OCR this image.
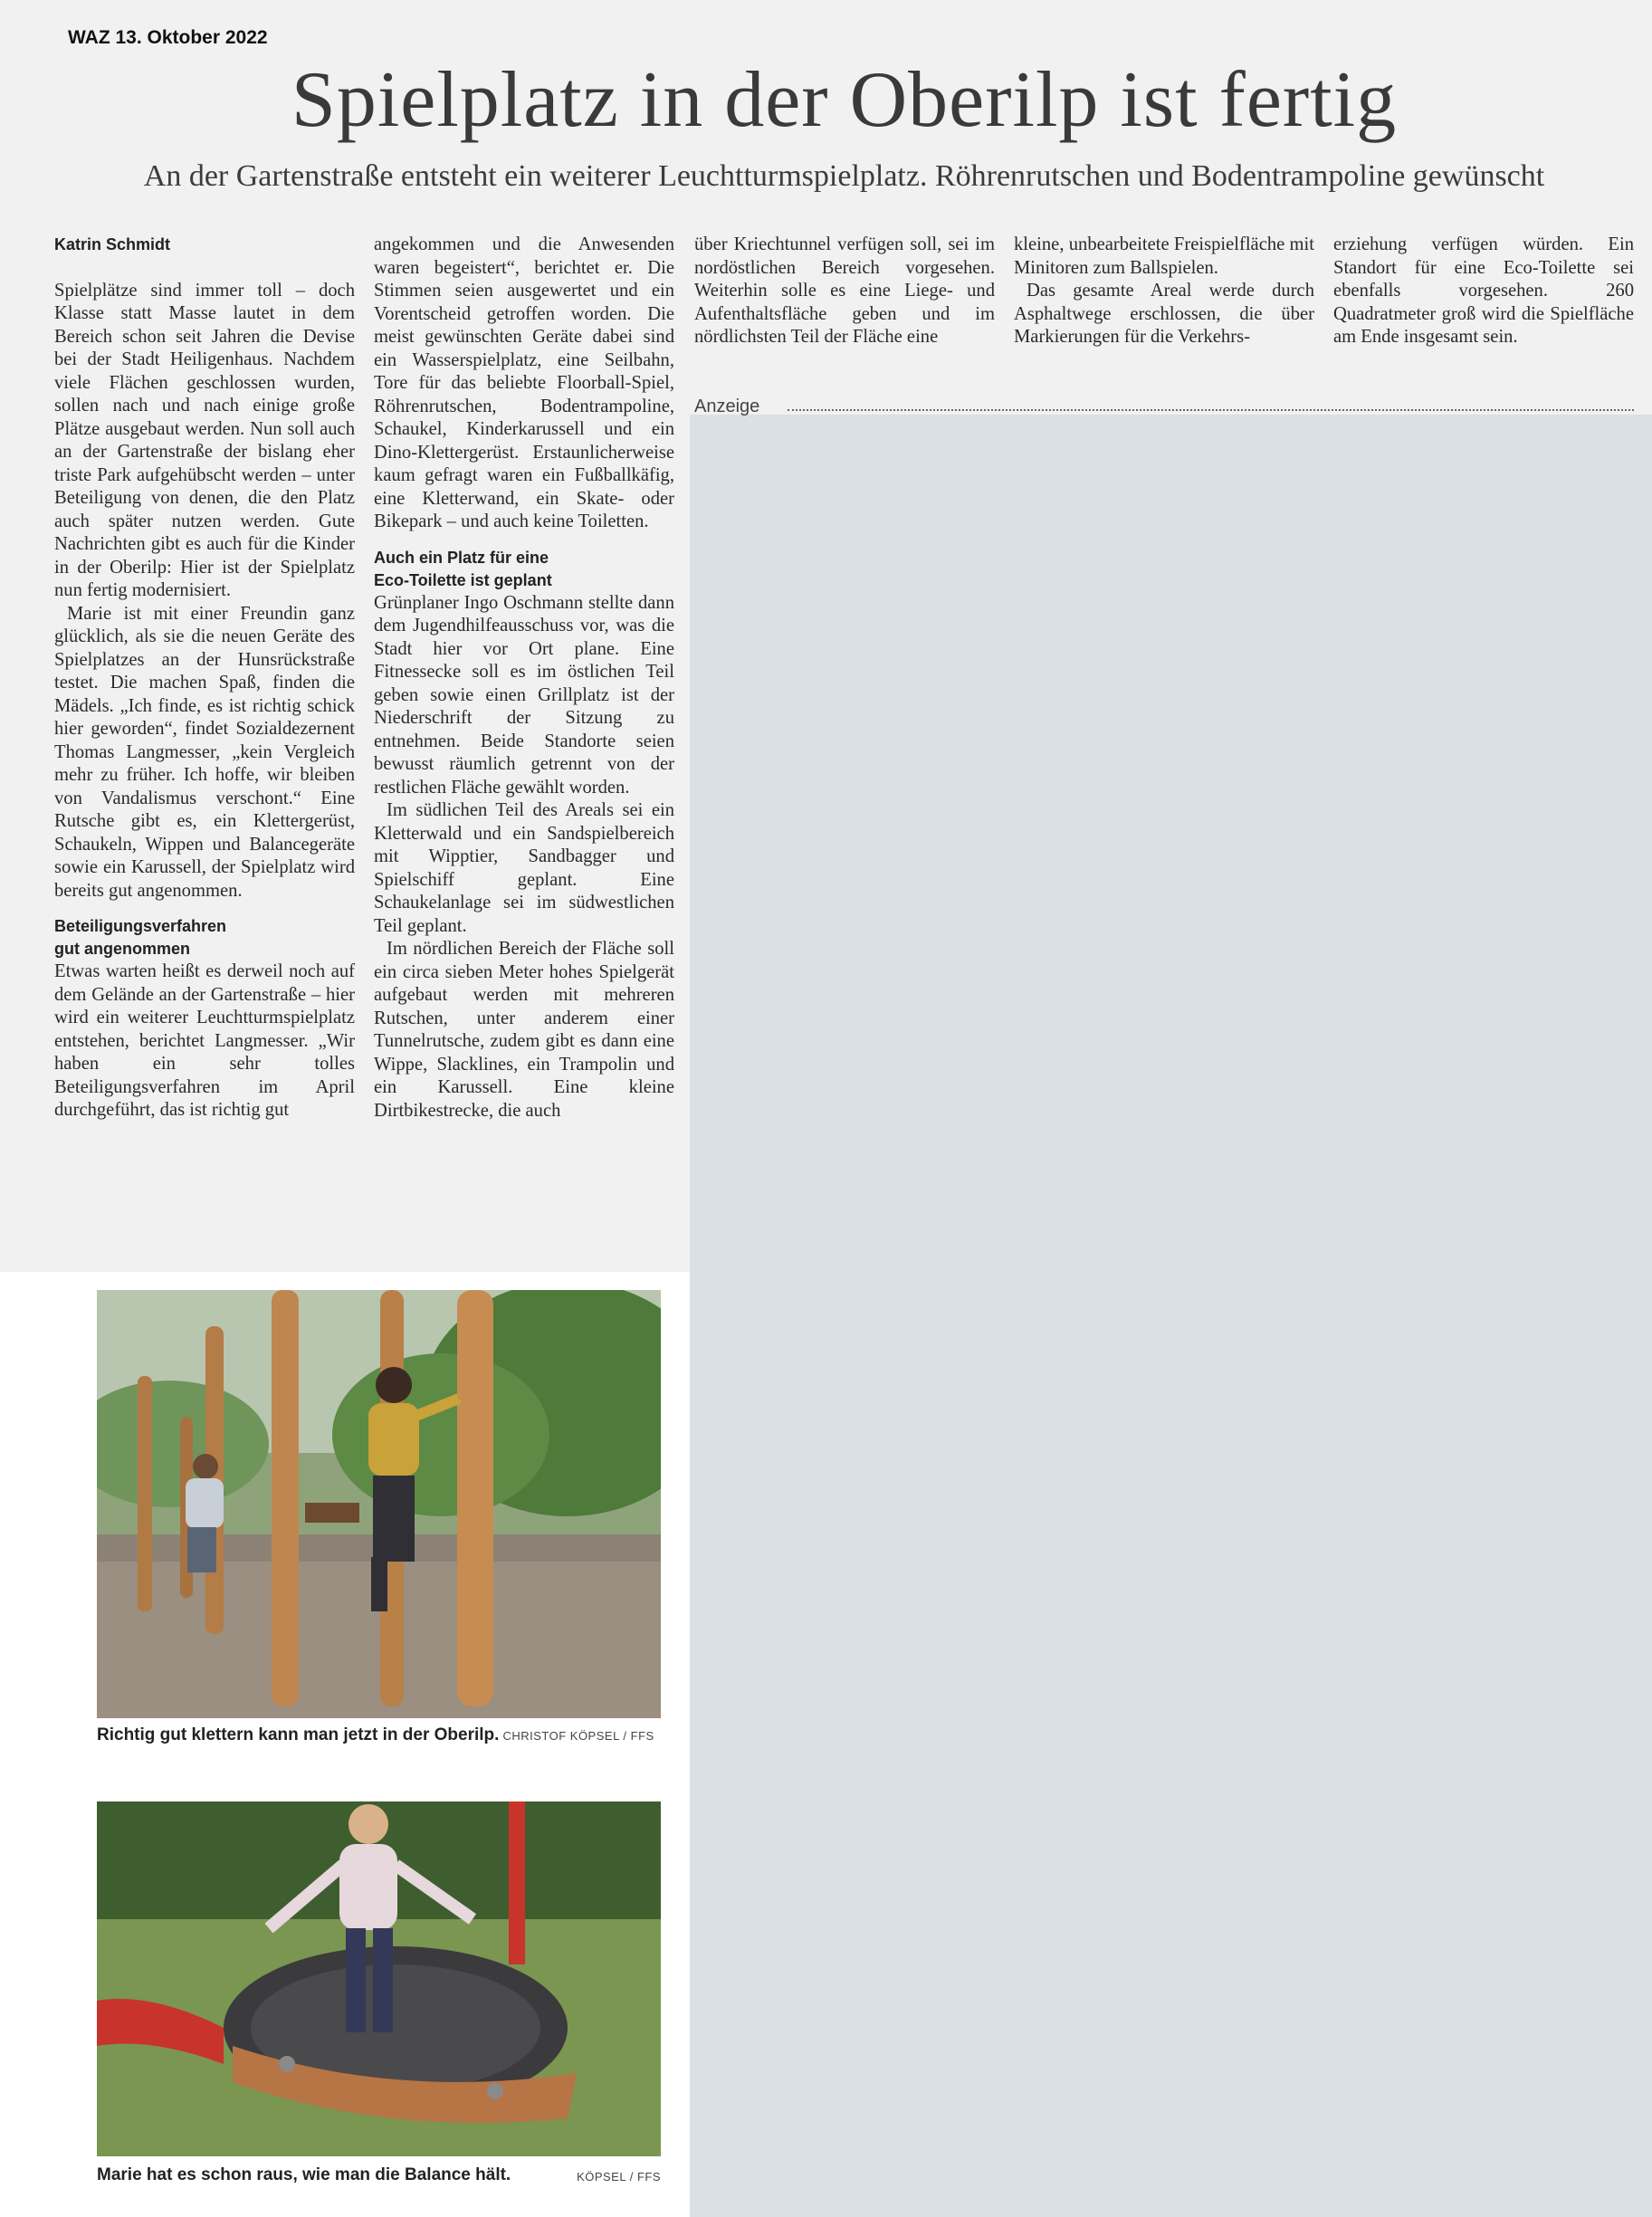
WAZ 13. Oktober 2022
Spielplatz in der Oberilp ist fertig
An der Gartenstraße entsteht ein weiterer Leuchtturmspielplatz. Röhrenrutschen und Bodentrampoline gewünscht
Katrin Schmidt

Spielplätze sind immer toll – doch Klasse statt Masse lautet in dem Bereich schon seit Jahren die Devise bei der Stadt Heiligenhaus. Nachdem viele Flächen geschlossen wurden, sollen nach und nach einige große Plätze ausgebaut werden. Nun soll auch an der Gartenstraße der bislang eher triste Park aufgehübscht werden – unter Beteiligung von denen, die den Platz auch später nutzen werden. Gute Nachrichten gibt es auch für die Kinder in der Oberilp: Hier ist der Spielplatz nun fertig modernisiert.

Marie ist mit einer Freundin ganz glücklich, als sie die neuen Geräte des Spielplatzes an der Hunsrückstraße testet. Die machen Spaß, finden die Mädels. „Ich finde, es ist richtig schick hier geworden“, findet Sozialdezernent Thomas Langmesser, „kein Vergleich mehr zu früher. Ich hoffe, wir bleiben von Vandalismus verschont.“ Eine Rutsche gibt es, ein Klettergerüst, Schaukeln, Wippen und Balancegeräte sowie ein Karussell, der Spielplatz wird bereits gut angenommen.

Beteiligungsverfahren
gut angenommen

Etwas warten heißt es derweil noch auf dem Gelände an der Gartenstraße – hier wird ein weiterer Leuchtturmspielplatz entstehen, berichtet Langmesser. „Wir haben ein sehr tolles Beteiligungsverfahren im April durchgeführt, das ist richtig gut

angekommen und die Anwesenden waren begeistert“, berichtet er. Die Stimmen seien ausgewertet und ein Vorentscheid getroffen worden. Die meist gewünschten Geräte dabei sind ein Wasserspielplatz, eine Seilbahn, Tore für das beliebte Floorball-Spiel, Röhrenrutschen, Bodentrampoline, Schaukel, Kinderkarussell und ein Dino-Klettergerüst. Erstaunlicherweise kaum gefragt waren ein Fußballkäfig, eine Kletterwand, ein Skate- oder Bikepark – und auch keine Toiletten.

Auch ein Platz für eine
Eco-Toilette ist geplant

Grünplaner Ingo Oschmann stellte dann dem Jugendhilfeausschuss vor, was die Stadt hier vor Ort plane. Eine Fitnessecke soll es im östlichen Teil geben sowie einen Grillplatz ist der Niederschrift der Sitzung zu entnehmen. Beide Standorte seien bewusst räumlich getrennt von der restlichen Fläche gewählt worden.

Im südlichen Teil des Areals sei ein Kletterwald und ein Sandspielbereich mit Wipptier, Sandbagger und Spielschiff geplant. Eine Schaukelanlage sei im südwestlichen Teil geplant.

Im nördlichen Bereich der Fläche soll ein circa sieben Meter hohes Spielgerät aufgebaut werden mit mehreren Rutschen, unter anderem einer Tunnelrutsche, zudem gibt es dann eine Wippe, Slacklines, ein Trampolin und ein Karussell. Eine kleine Dirtbikestrecke, die auch

über Kriechtunnel verfügen soll, sei im nordöstlichen Bereich vorgesehen. Weiterhin solle es eine Liege- und Aufenthaltsfläche geben und im nördlichsten Teil der Fläche eine

kleine, unbearbeitete Freispielfläche mit Minitoren zum Ballspielen.

Das gesamte Areal werde durch Asphaltwege erschlossen, die über Markierungen für die Verkehrs-

erziehung verfügen würden. Ein Standort für eine Eco-Toilette sei ebenfalls vorgesehen. 260 Quadratmeter groß wird die Spielfläche am Ende insgesamt sein.

Anzeige
Richtig gut klettern kann man jetzt in der Oberilp. CHRISTOF KÖPSEL / FFS
Marie hat es schon raus, wie man die Balance hält.	KÖPSEL / FFS
